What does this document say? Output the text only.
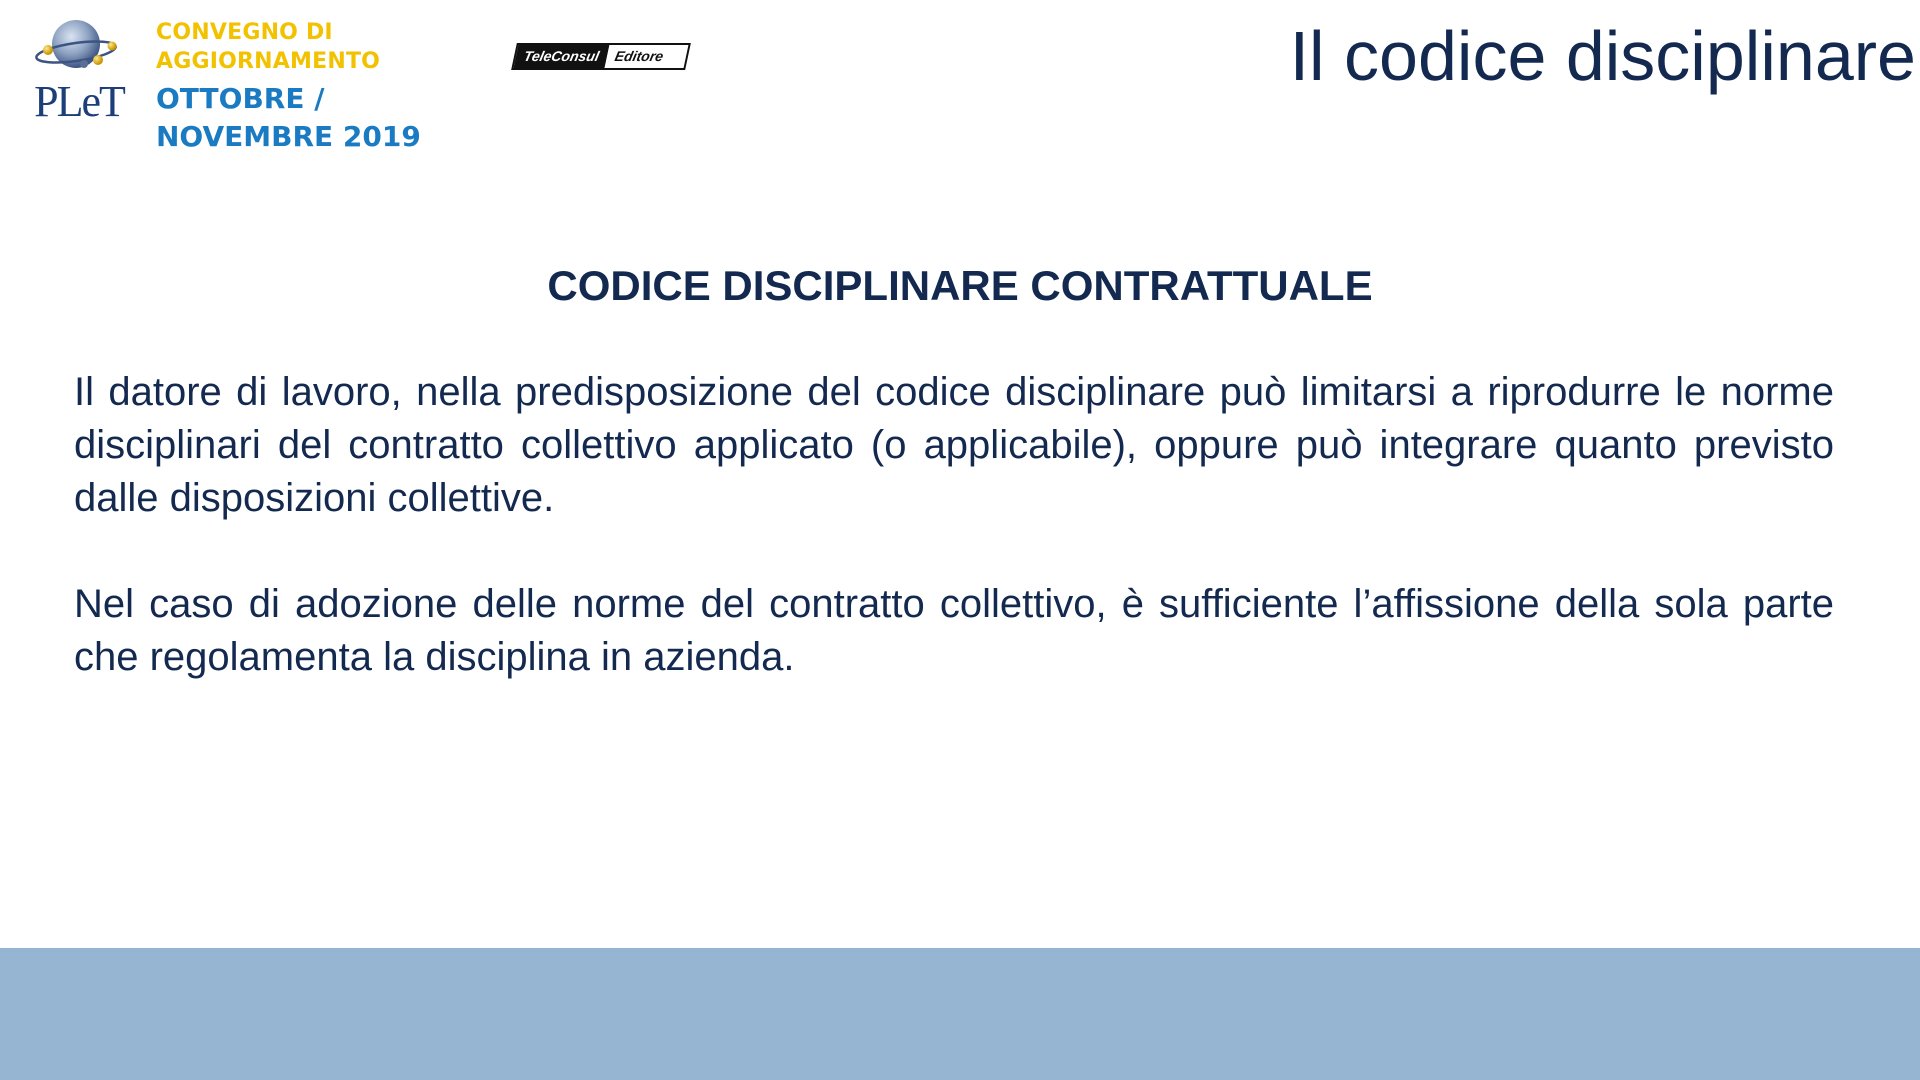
PLeT
CONVEGNO DI AGGIORNAMENTO
OTTOBRE / NOVEMBRE 2019
TeleConsul Editore	Il codice disciplinare
CODICE DISCIPLINARE CONTRATTUALE

Il datore di lavoro, nella predisposizione del codice disciplinare può limitarsi a riprodurre le norme disciplinari del contratto collettivo applicato (o applicabile), oppure può integrare quanto previsto dalle disposizioni collettive.

Nel caso di adozione delle norme del contratto collettivo, è sufficiente l’affissione della sola parte che regolamenta la disciplina in azienda.
